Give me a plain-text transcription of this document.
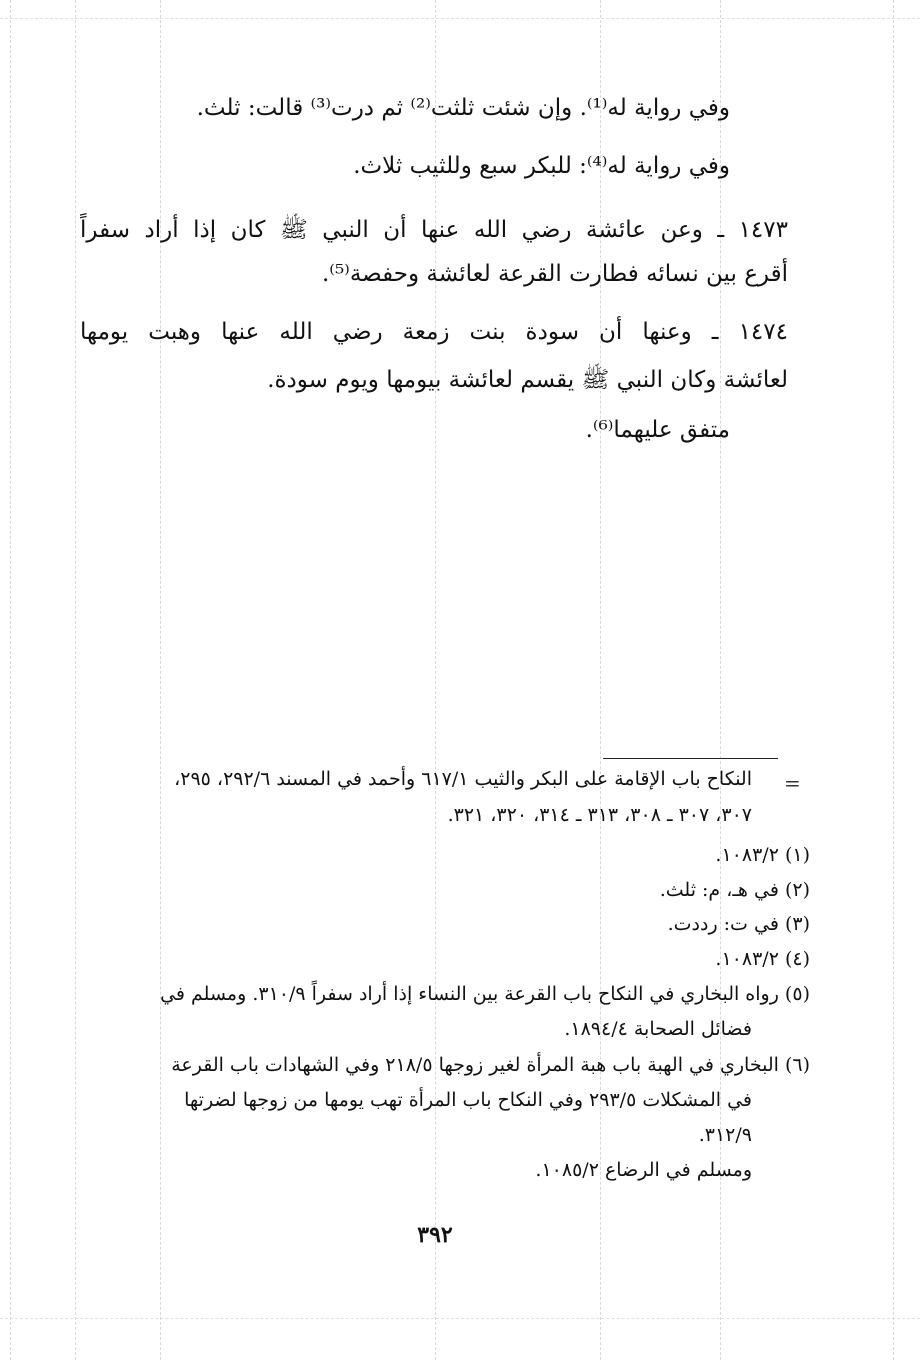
وفي رواية له⁽¹⁾. وإن شئت ثلثت⁽²⁾ ثم درت⁽³⁾ قالت: ثلث.
وفي رواية له⁽⁴⁾: للبكر سبع وللثيب ثلاث.
١٤٧٣ ـ وعن عائشة رضي الله عنها أن النبي ﷺ كان إذا أراد سفراً
أقرع بين نسائه فطارت القرعة لعائشة وحفصة⁽⁵⁾.
١٤٧٤ ـ وعنها أن سودة بنت زمعة رضي الله عنها وهبت يومها
لعائشة وكان النبي ﷺ يقسم لعائشة بيومها ويوم سودة.
متفق عليهما⁽⁶⁾.
=
النكاح باب الإقامة على البكر والثيب ٦١٧/١ وأحمد في المسند ٢٩٢/٦، ٢٩٥،
٣٠٧، ٣٠٧ ـ ٣٠٨، ٣١٣ ـ ٣١٤، ٣٢٠، ٣٢١.
(١) ١٠٨٣/٢.
(٢) في هـ، م: ثلث.
(٣) في ت: رددت.
(٤) ١٠٨٣/٢.
(٥) رواه البخاري في النكاح باب القرعة بين النساء إذا أراد سفراً ٣١٠/٩. ومسلم في
فضائل الصحابة ١٨٩٤/٤.
(٦) البخاري في الهبة باب هبة المرأة لغير زوجها ٢١٨/٥ وفي الشهادات باب القرعة
في المشكلات ٢٩٣/٥ وفي النكاح باب المرأة تهب يومها من زوجها لضرتها
٣١٢/٩.
ومسلم في الرضاع ١٠٨٥/٢.
٣٩٢
